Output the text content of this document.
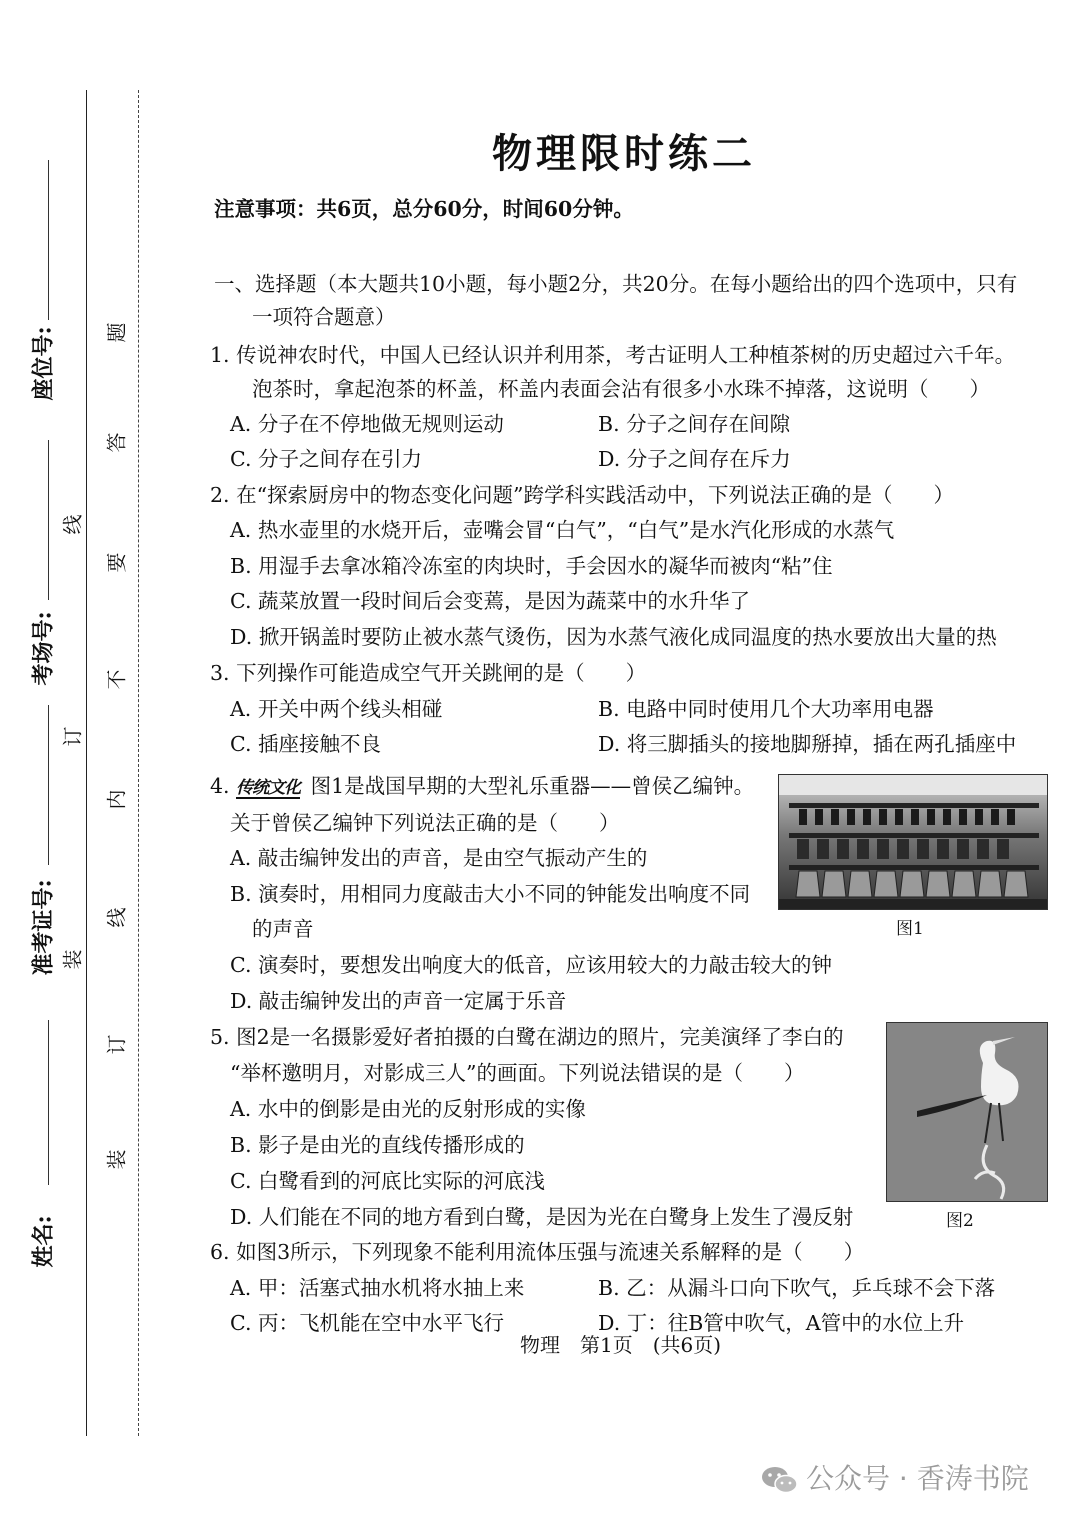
座位号:
考场号:
准考证号:
姓名:
题
答
要
不
内
线
订
装
线
订
装
物理限时练二
注意事项：共6页，总分60分，时间60分钟。
一、选择题（本大题共10小题，每小题2分，共20分。在每小题给出的四个选项中，只有
一项符合题意）
1. 传说神农时代，中国人已经认识并利用茶，考古证明人工种植茶树的历史超过六千年。
泡茶时，拿起泡茶的杯盖，杯盖内表面会沾有很多小水珠不掉落，这说明（　　）
A. 分子在不停地做无规则运动	B. 分子之间存在间隙
C. 分子之间存在引力	D. 分子之间存在斥力
2. 在“探索厨房中的物态变化问题”跨学科实践活动中，下列说法正确的是（　　）
A. 热水壶里的水烧开后，壶嘴会冒“白气”，“白气”是水汽化形成的水蒸气
B. 用湿手去拿冰箱冷冻室的肉块时，手会因水的凝华而被肉“粘”住
C. 蔬菜放置一段时间后会变蔫，是因为蔬菜中的水升华了
D. 掀开锅盖时要防止被水蒸气烫伤，因为水蒸气液化成同温度的热水要放出大量的热
3. 下列操作可能造成空气开关跳闸的是（　　）
A. 开关中两个线头相碰	B. 电路中同时使用几个大功率用电器
C. 插座接触不良	D. 将三脚插头的接地脚掰掉，插在两孔插座中
4. 传统文化 图1是战国早期的大型礼乐重器——曾侯乙编钟。
关于曾侯乙编钟下列说法正确的是（　　）
A. 敲击编钟发出的声音，是由空气振动产生的
B. 演奏时，用相同力度敲击大小不同的钟能发出响度不同
的声音
C. 演奏时，要想发出响度大的低音，应该用较大的力敲击较大的钟
D. 敲击编钟发出的声音一定属于乐音
图1
5. 图2是一名摄影爱好者拍摄的白鹭在湖边的照片，完美演绎了李白的
“举杯邀明月，对影成三人”的画面。下列说法错误的是（　　）
A. 水中的倒影是由光的反射形成的实像
B. 影子是由光的直线传播形成的
C. 白鹭看到的河底比实际的河底浅
D. 人们能在不同的地方看到白鹭，是因为光在白鹭身上发生了漫反射	图2
6. 如图3所示，下列现象不能利用流体压强与流速关系解释的是（　　）
A. 甲：活塞式抽水机将水抽上来	B. 乙：从漏斗口向下吹气，乒乓球不会下落
C. 丙：飞机能在空中水平飞行	D. 丁：往B管中吹气，A管中的水位上升
物理　第1页　(共6页)
公众号 · 香涛书院
